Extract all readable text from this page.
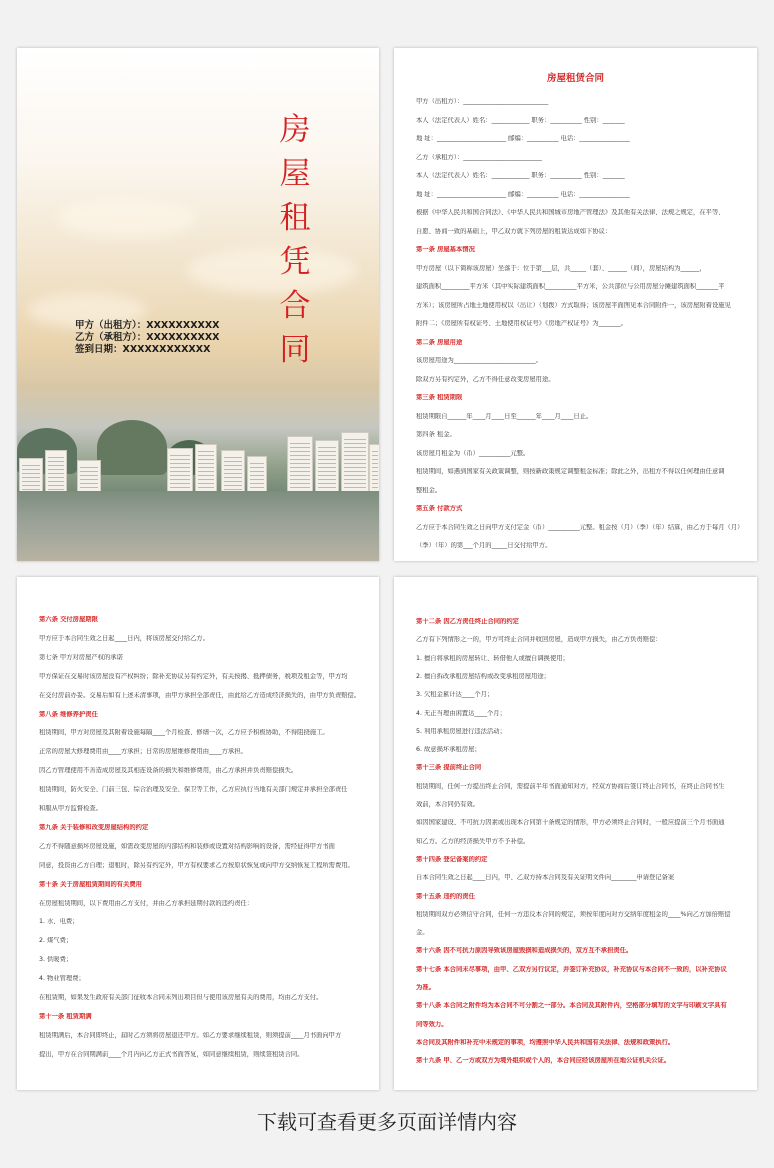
房
屋
租
凭
合
同
甲方（出租方）：XXXXXXXXXX
乙方（承租方）：XXXXXXXXXX
签到日期：XXXXXXXXXXXX
房屋租赁合同
甲方（出租方）：___________________________
本人（法定代表人）姓名：____________ 职务：__________ 性别：_______
地 址：______________________ 邮编：__________ 电话：________________
乙方（承租方）：_________________________
本人（法定代表人）姓名：____________ 职务：__________ 性别：_______
地 址：______________________ 邮编：__________ 电话：________________
根据《中华人民共和国合同法》、《中华人民共和国城市房地产管理法》及其他有关法律、法规之规定，在平等、
自愿、协商一致的基础上，甲乙双方就下列房屋的租赁达成如下协议：
第一条 房屋基本情况
甲方房屋（以下简称该房屋）坐落于：位于第___层，共_____（套）、______（间），房屋结构为______，
建筑面积_________平方米（其中实际建筑面积__________平方米，公共部位与公用房屋分摊建筑面积_______平
方米）；该房屋所占地土地使用权以（出让）（划拨）方式取得；该房屋平面图见本合同附件一，该房屋附着设施见
附件二；《房屋所有权证号、土地使用权证号》《房地产权证号》为_______。
第二条 房屋用途
该房屋用途为__________________________。
除双方另有约定外，乙方不得任意改变房屋用途。
第三条 租赁期限
租赁期限自______年____月____日至______年____月____日止。
第四条 租金。
该房屋月租金为（币）__________元整。
租赁期间，如遇到国家有关政策调整，则按新政策规定调整租金标准；除此之外，出租方不得以任何理由任意调
整租金。
第五条 付款方式
乙方应于本合同生效之日向甲方支付定金（币）__________元整。租金按（月）（季）（年）结算，由乙方于每月（月）
（季）（年）的第___个月的_____日交付给甲方。
第六条 交付房屋期限
甲方应于本合同生效之日起____日内，将该房屋交付给乙方。
第七条 甲方对房屋产权的承诺
甲方保证在交易时该房屋没有产权纠纷；除补充协议另有约定外，有关按揭、抵押债务，税项及租金等，甲方均
在交付房前办妥。交易后如有上述未清事项，由甲方承担全部责任，由此给乙方造成经济损失的，由甲方负责赔偿。
第八条 维修养护责任
租赁期间，甲方对房屋及其附着设施每隔____个月检查、修缮一次，乙方应予积极协助，不得阻挠施工。
正常的房屋大修理费用由____方承担；日常的房屋维修费用由____方承担。
因乙方管理使用不善造成房屋及其相连设备的损失和维修费用，由乙方承担并负责赔偿损失。
租赁期间，防火安全、门前三包、综合治理及安全、保卫等工作，乙方应执行当地有关部门规定并承担全部责任
和服从甲方监督检查。
第九条 关于装修和改变房屋结构的约定
乙方不得随意损坏房屋设施，如需改变房屋的内部结构和装修或设置对结构影响的设备，需经征得甲方书面
同意，投资由乙方自理；退租时，除另有约定外，甲方有权要求乙方按原状恢复或向甲方交纳恢复工程所需费用。
第十条 关于房屋租赁期间的有关费用
在房屋租赁期间，以下费用由乙方支付，并由乙方承担延期付款的违约责任：
1. 水、电费；
2. 煤气费；
3. 供暖费；
4. 物业管理费；
在租赁期，如果发生政府有关部门征收本合同未列出项目但与使用该房屋有关的费用，均由乙方支付。
第十一条 租赁期满
租赁期满后，本合同即终止，届时乙方须将房屋退还甲方。如乙方要求继续租赁，则须提前____月书面向甲方
提出，甲方在合同期满前____个月内向乙方正式书面答复，如同意继续租赁，则续签租赁合同。
第十二条 因乙方责任终止合同的约定
乙方有下列情形之一的，甲方可终止合同并收回房屋，造成甲方损失，由乙方负责赔偿：
1. 擅自将承租的房屋转让、转借他人或擅自调换使用；
2. 擅自拆改承租房屋结构或改变承租房屋用途；
3. 欠租金累计达____个月；
4. 无正当理由闲置达____个月；
5. 利用承租房屋进行违法活动；
6. 故意损坏承租房屋；
第十三条 提前终止合同
租赁期间，任何一方提出终止合同，需提前半年书面通知对方，经双方协商后签订终止合同书，在终止合同书生
效前，本合同仍有效。
如因国家建设、不可抗力因素或出现本合同第十条规定的情形，甲方必须终止合同时，一般应提前三个月书面通
知乙方。乙方的经济损失甲方不予补偿。
第十四条 登记备案的约定
自本合同生效之日起____日内，甲、乙双方持本合同及有关证明文件向________申请登记备案
第十五条 违约的责任
租赁期间双方必须信守合同，任何一方违反本合同的规定，须按年度向对方交纳年度租金的____%向乙方加倍赔偿
金。
第十六条 因不可抗力原因导致该房屋毁损和造成损失的，双方互不承担责任。
第十七条 本合同未尽事项，由甲、乙双方另行议定，并签订补充协议，补充协议与本合同不一致的，以补充协议
为准。
第十八条 本合同之附件均为本合同不可分割之一部分。本合同及其附件内，空格部分填写的文字与印刷文字具有
同等效力。
本合同及其附件和补充中未规定的事项，均遵照中华人民共和国有关法律、法规和政策执行。
第十九条 甲、乙一方或双方为境外组织或个人的，本合同应经该房屋所在地公证机关公证。
下载可查看更多页面详情内容
